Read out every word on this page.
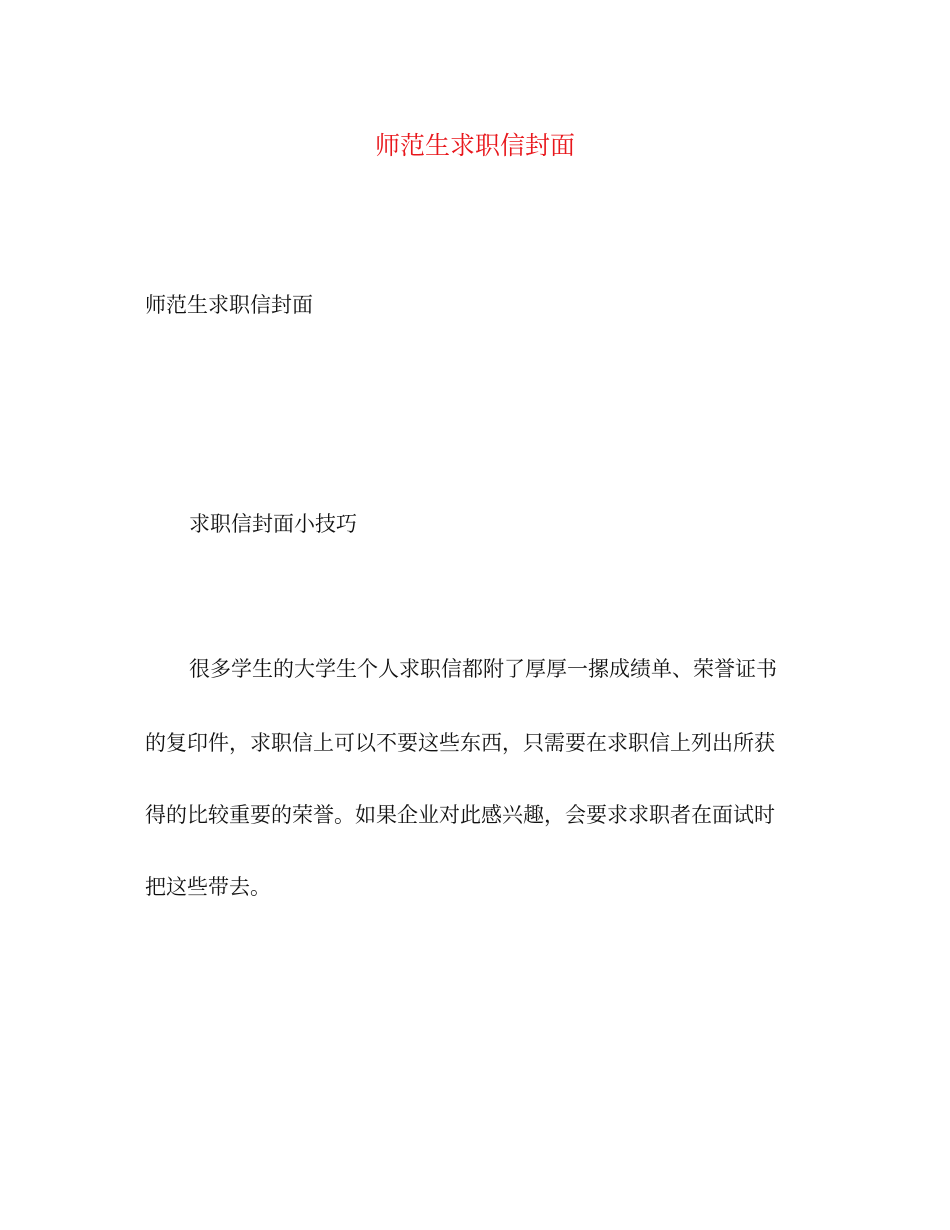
师范生求职信封面

师范生求职信封面

求职信封面小技巧

很多学生的大学生个人求职信都附了厚厚一摞成绩单、荣誉证书

的复印件，求职信上可以不要这些东西，只需要在求职信上列出所获

得的比较重要的荣誉。如果企业对此感兴趣，会要求求职者在面试时

把这些带去。
